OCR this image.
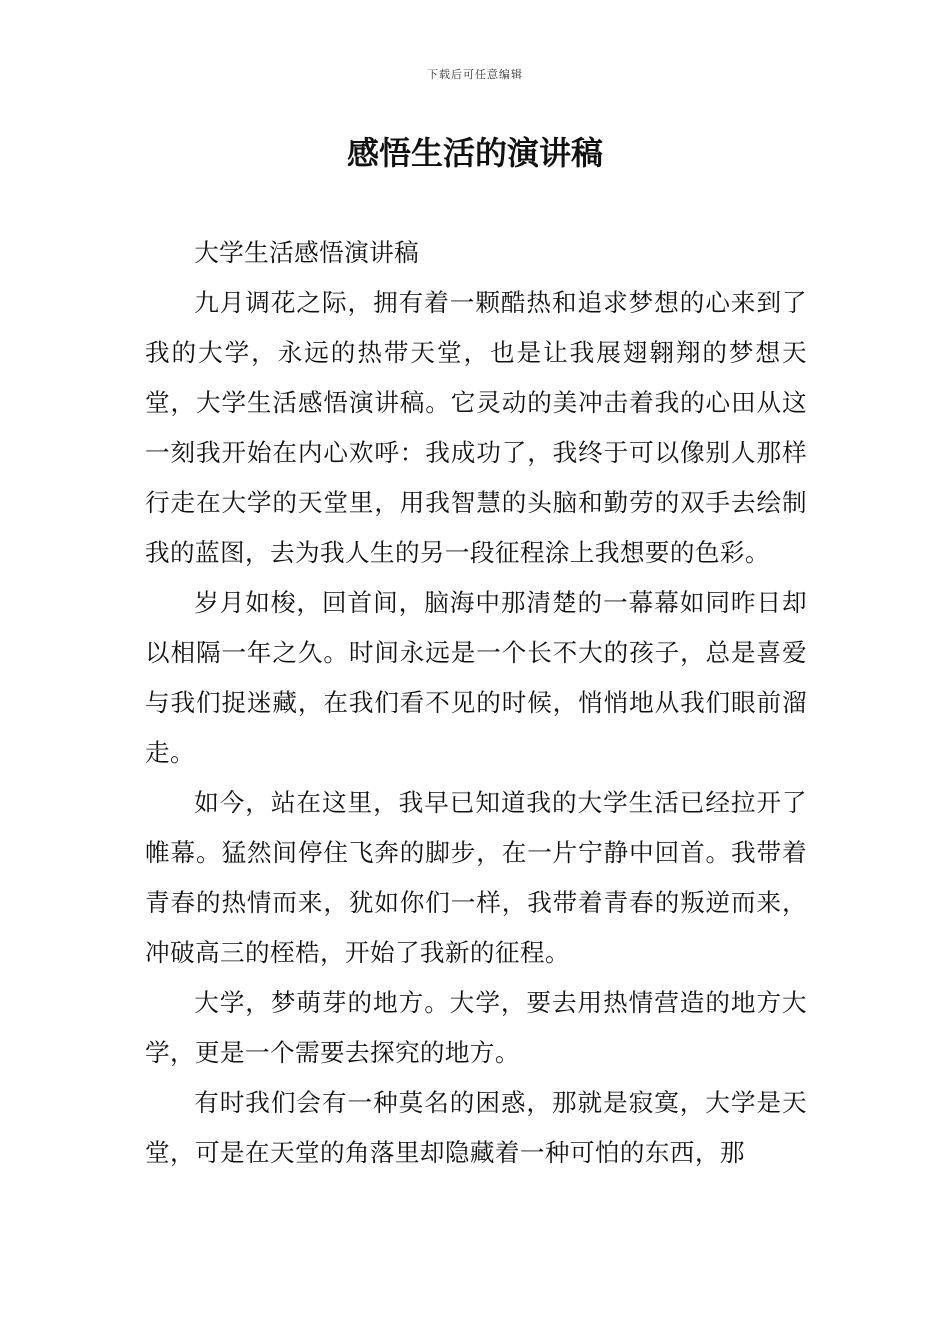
下载后可任意编辑
感悟生活的演讲稿

大学生活感悟演讲稿

九月调花之际，拥有着一颗酷热和追求梦想的心来到了我的大学，永远的热带天堂，也是让我展翅翱翔的梦想天堂，大学生活感悟演讲稿。它灵动的美冲击着我的心田从这一刻我开始在内心欢呼：我成功了，我终于可以像别人那样行走在大学的天堂里，用我智慧的头脑和勤劳的双手去绘制我的蓝图，去为我人生的另一段征程涂上我想要的色彩。

岁月如梭，回首间，脑海中那清楚的一幕幕如同昨日却以相隔一年之久。时间永远是一个长不大的孩子，总是喜爱与我们捉迷藏，在我们看不见的时候，悄悄地从我们眼前溜走。

如今，站在这里，我早已知道我的大学生活已经拉开了帷幕。猛然间停住飞奔的脚步，在一片宁静中回首。我带着青春的热情而来，犹如你们一样，我带着青春的叛逆而来，冲破高三的桎梏，开始了我新的征程。

大学，梦萌芽的地方。大学，要去用热情营造的地方大学，更是一个需要去探究的地方。

有时我们会有一种莫名的困惑，那就是寂寞，大学是天堂，可是在天堂的角落里却隐藏着一种可怕的东西，那
